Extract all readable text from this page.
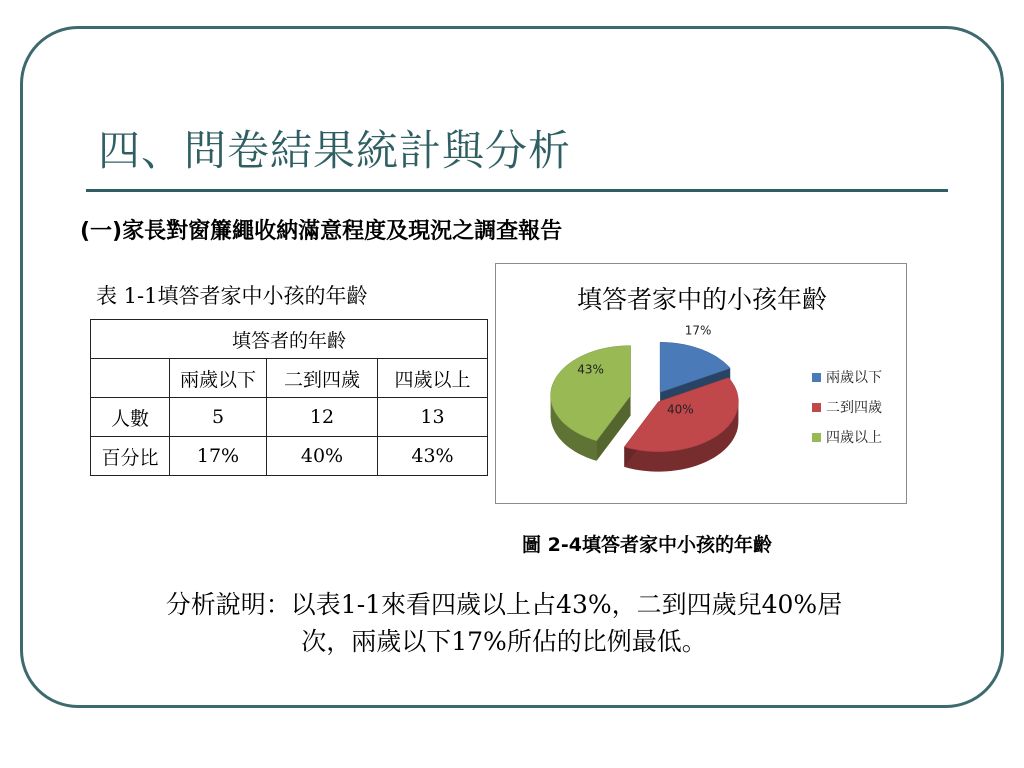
四、問卷結果統計與分析
(一)家長對窗簾繩收納滿意程度及現況之調查報告
表 1-1填答者家中小孩的年齡
填答者的年齡			
	兩歲以下	二到四歲	四歲以上
人數	5	12	13
百分比	17%	40%	43%
填答者家中的小孩年齡
17%
40%
43%
兩歲以下
二到四歲
四歲以上
圖 2-4填答者家中小孩的年齡
分析說明：以表1-1來看四歲以上占43%，二到四歲兒40%居
次，兩歲以下17%所佔的比例最低。
